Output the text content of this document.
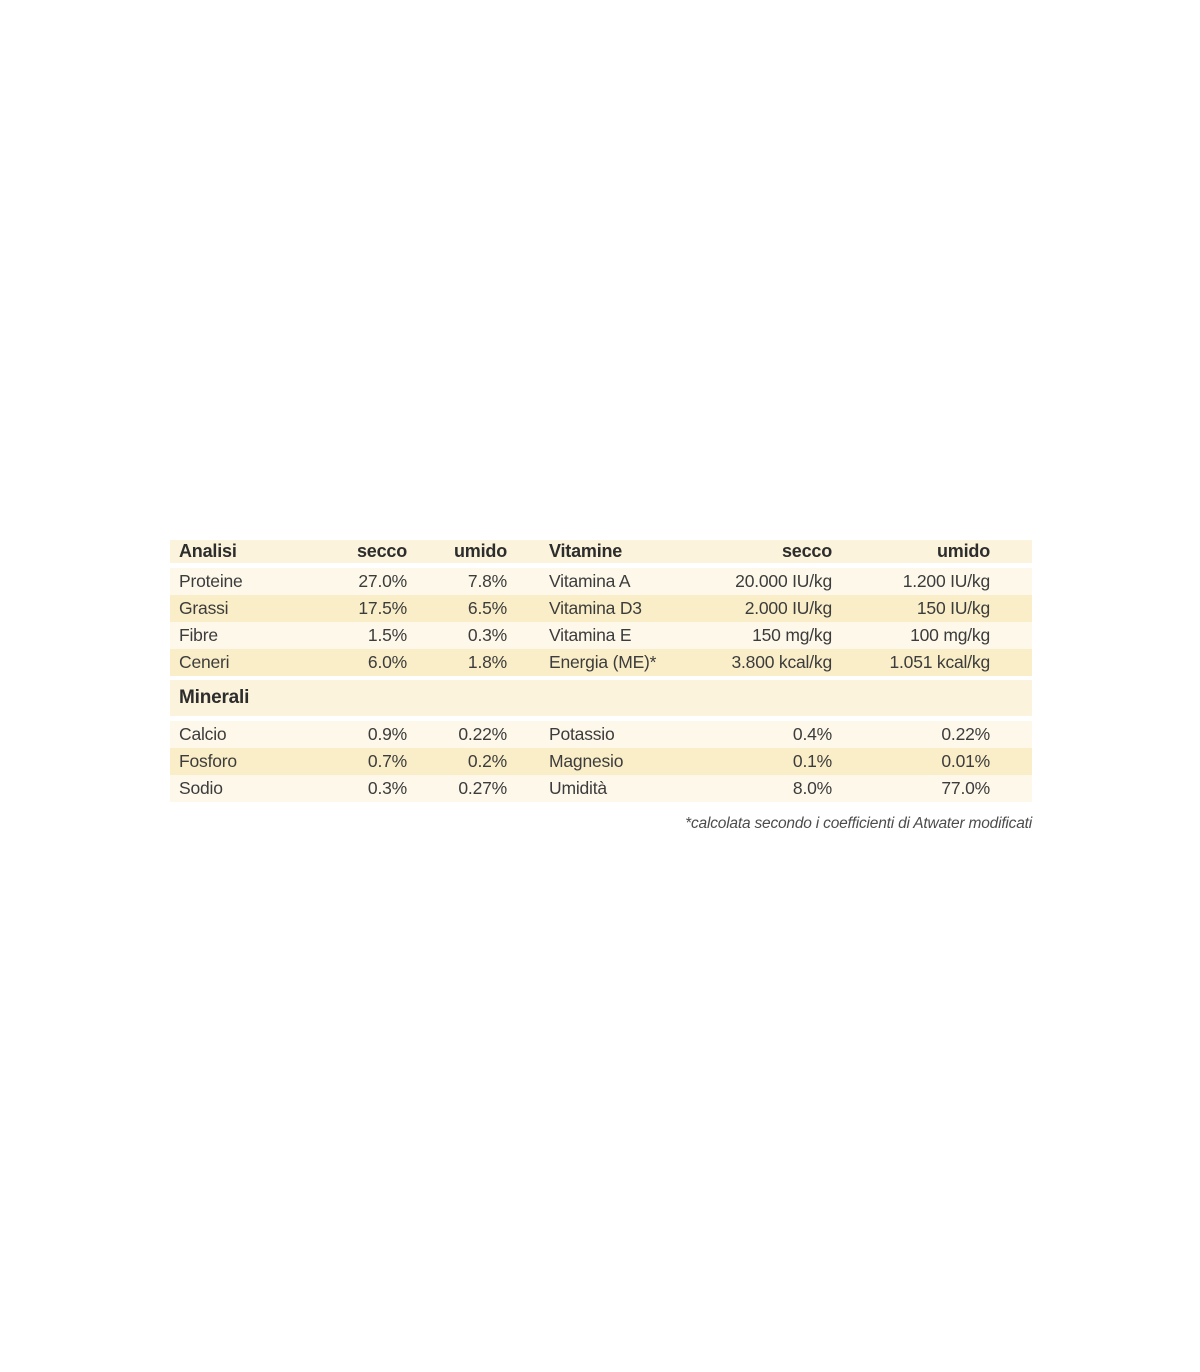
Analisi	secco	umido	Vitamine	secco	umido
Proteine	27.0%	7.8%	Vitamina A	20.000 IU/kg	1.200 IU/kg
Grassi	17.5%	6.5%	Vitamina D3	2.000 IU/kg	150 IU/kg
Fibre	1.5%	0.3%	Vitamina E	150 mg/kg	100 mg/kg
Ceneri	6.0%	1.8%	Energia (ME)*	3.800 kcal/kg	1.051 kcal/kg
Minerali
Calcio	0.9%	0.22%	Potassio	0.4%	0.22%
Fosforo	0.7%	0.2%	Magnesio	0.1%	0.01%
Sodio	0.3%	0.27%	Umidità	8.0%	77.0%
*calcolata secondo i coefficienti di Atwater modificati
